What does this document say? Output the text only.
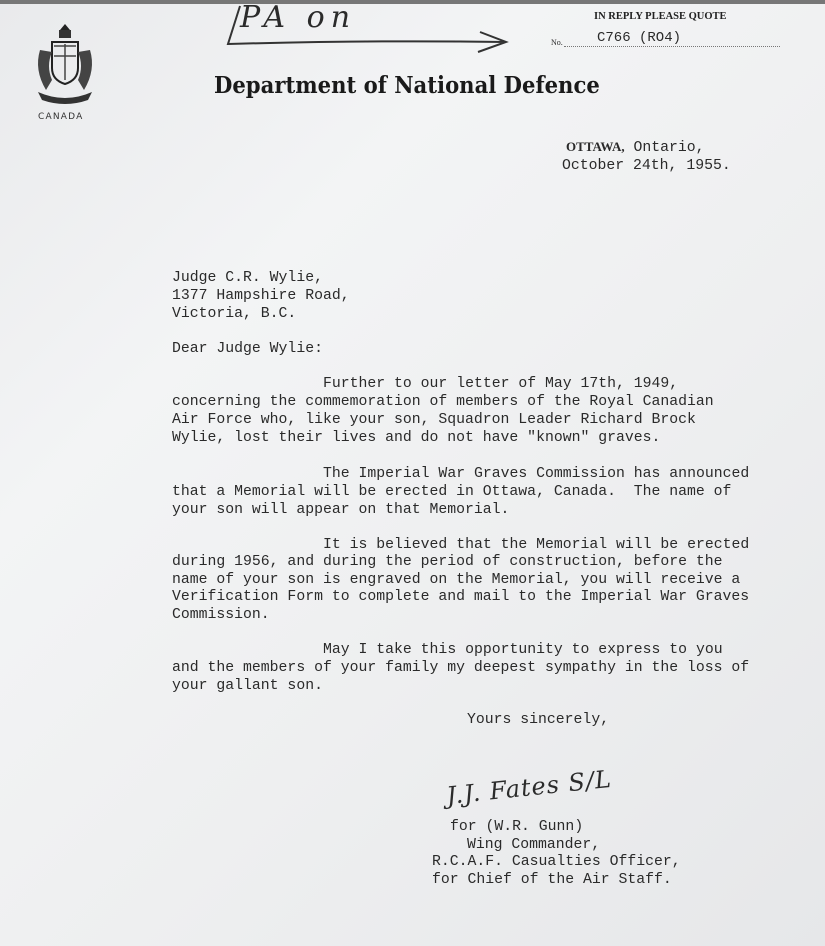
CANADA
Department of National Defence
PA on	IN REPLY PLEASE QUOTE
No. C766 (RO4)
OTTAWA, Ontario,
October 24th, 1955.
Judge C.R. Wylie,
1377 Hampshire Road,
Victoria, B.C.
Dear Judge Wylie:
Further to our letter of May 17th, 1949,
concerning the commemoration of members of the Royal Canadian
Air Force who, like your son, Squadron Leader Richard Brock
Wylie, lost their lives and do not have "known" graves.
The Imperial War Graves Commission has announced
that a Memorial will be erected in Ottawa, Canada.  The name of
your son will appear on that Memorial.
It is believed that the Memorial will be erected
during 1956, and during the period of construction, before the
name of your son is engraved on the Memorial, you will receive a
Verification Form to complete and mail to the Imperial War Graves
Commission.
May I take this opportunity to express to you
and the members of your family my deepest sympathy in the loss of
your gallant son.
Yours sincerely,
J.J. Fates S/L
for (W.R. Gunn)
Wing Commander,
R.C.A.F. Casualties Officer,
for Chief of the Air Staff.
